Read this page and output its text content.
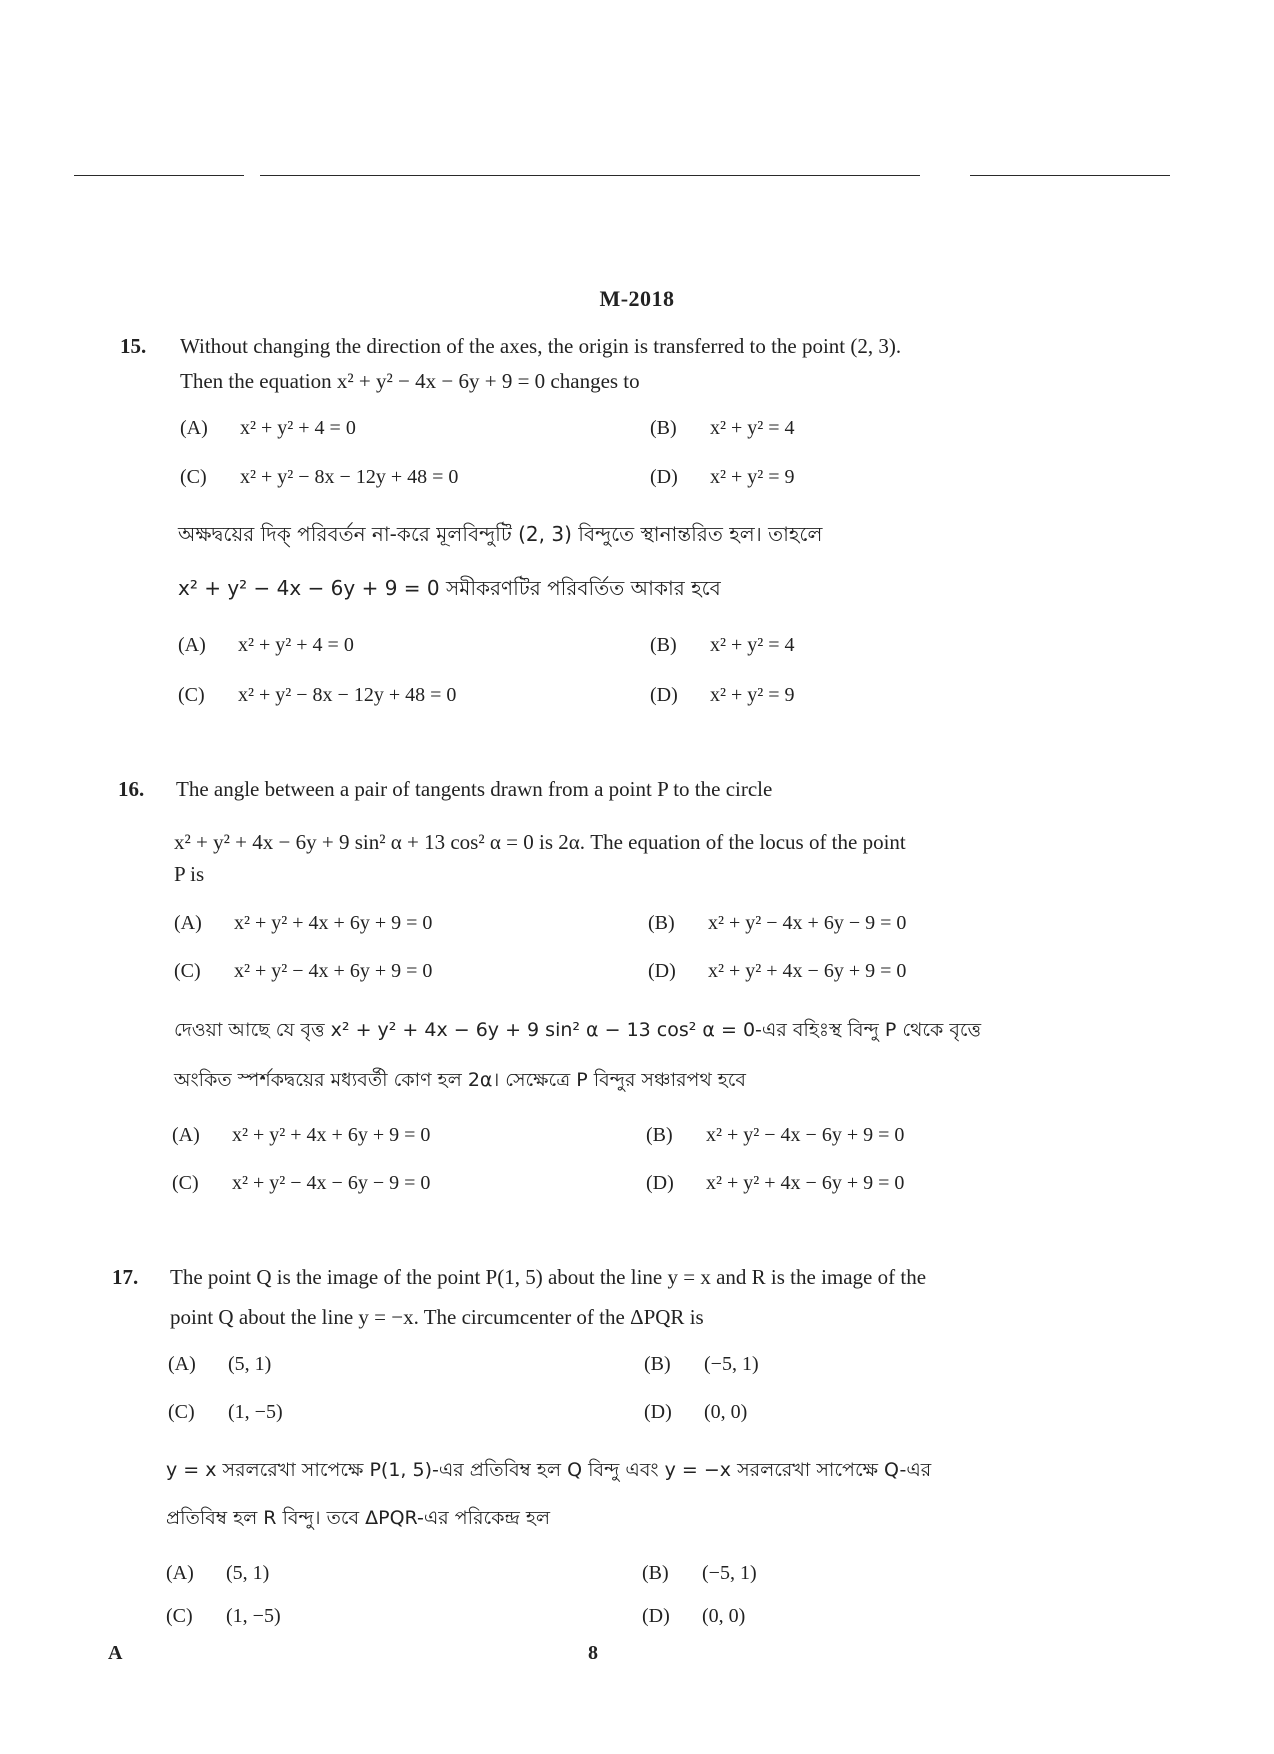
M-2018
15. Without changing the direction of the axes, the origin is transferred to the point (2, 3).
Then the equation x² + y² − 4x − 6y + 9 = 0 changes to
(A) x² + y² + 4 = 0	(B) x² + y² = 4
(C) x² + y² − 8x − 12y + 48 = 0	(D) x² + y² = 9
অক্ষদ্বয়ের দিক্‌ পরিবর্তন না-করে মূলবিন্দুটি (2, 3) বিন্দুতে স্থানান্তরিত হল। তাহলে
x² + y² − 4x − 6y + 9 = 0 সমীকরণটির পরিবর্তিত আকার হবে
(A) x² + y² + 4 = 0	(B) x² + y² = 4
(C) x² + y² − 8x − 12y + 48 = 0	(D) x² + y² = 9
16. The angle between a pair of tangents drawn from a point P to the circle
x² + y² + 4x − 6y + 9 sin² α + 13 cos² α = 0 is 2α. The equation of the locus of the point
P is
(A) x² + y² + 4x + 6y + 9 = 0	(B) x² + y² − 4x + 6y − 9 = 0
(C) x² + y² − 4x + 6y + 9 = 0	(D) x² + y² + 4x − 6y + 9 = 0
দেওয়া আছে যে বৃত্ত x² + y² + 4x − 6y + 9 sin² α − 13 cos² α = 0-এর বহিঃস্থ বিন্দু P থেকে বৃত্তে
অংকিত স্পর্শকদ্বয়ের মধ্যবর্তী কোণ হল 2α। সেক্ষেত্রে P বিন্দুর সঞ্চারপথ হবে
(A) x² + y² + 4x + 6y + 9 = 0	(B) x² + y² − 4x − 6y + 9 = 0
(C) x² + y² − 4x − 6y − 9 = 0	(D) x² + y² + 4x − 6y + 9 = 0
17. The point Q is the image of the point P(1, 5) about the line y = x and R is the image of the
point Q about the line y = −x. The circumcenter of the ΔPQR is
(A) (5, 1)	(B) (−5, 1)
(C) (1, −5)	(D) (0, 0)
y = x সরলরেখা সাপেক্ষে P(1, 5)-এর প্রতিবিম্ব হল Q বিন্দু এবং y = −x সরলরেখা সাপেক্ষে Q-এর
প্রতিবিম্ব হল R বিন্দু। তবে ΔPQR-এর পরিকেন্দ্র হল
(A) (5, 1)	(B) (−5, 1)
(C) (1, −5)	(D) (0, 0)
A	8
